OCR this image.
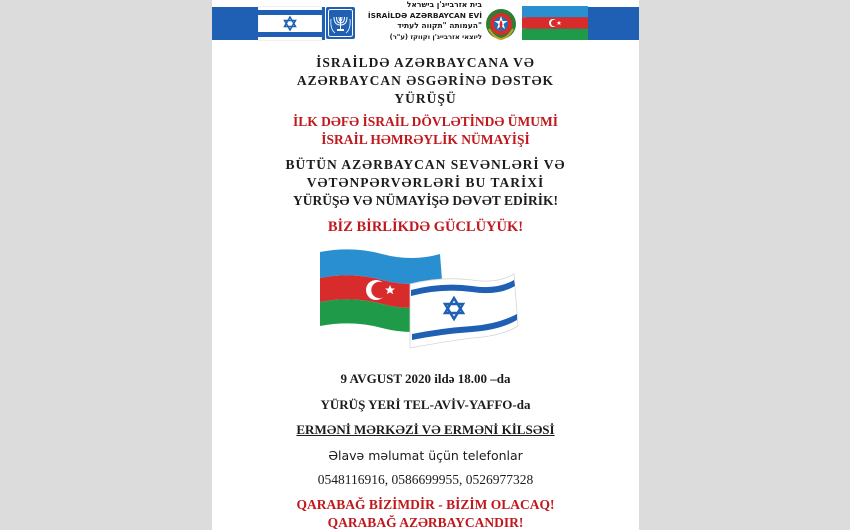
בית אזרבייג'ן בישראל
İSRAİLDƏ AZƏRBAYCAN EVİ
העמותה "תקווה לעתיד"
ליוצאי אזרבייג'ן וקווקז (ע"ר)
İSRAİLDƏ AZƏRBAYCANA VƏ
AZƏRBAYCAN ƏSGƏRİNƏ DƏSTƏK
YÜRÜŞÜ
İLK DƏFƏ İSRAİL DÖVLƏTİNDƏ ÜMUMİ
İSRAİL HƏMRƏYLİK NÜMAYİŞİ
BÜTÜN AZƏRBAYCAN SEVƏNLƏRİ VƏ
VƏTƏNPƏRVƏRLƏRİ BU TARİXİ
YÜRÜŞƏ VƏ NÜMAYİŞƏ DƏVƏT EDİRİK!
BİZ BİRLİKDƏ GÜCLÜYÜK!
9 AVGUST 2020 ildə 18.00 –da
YÜRÜŞ YERİ TEL-AVİV-YAFFO-da
ERMƏNİ MƏRKƏZİ VƏ ERMƏNİ KİLSƏSİ
Əlavə məlumat üçün telefonlar
0548116916, 0586699955, 0526977328
QARABAĞ BİZİMDİR - BİZİM OLACAQ!
QARABAĞ AZƏRBAYCANDIR!
